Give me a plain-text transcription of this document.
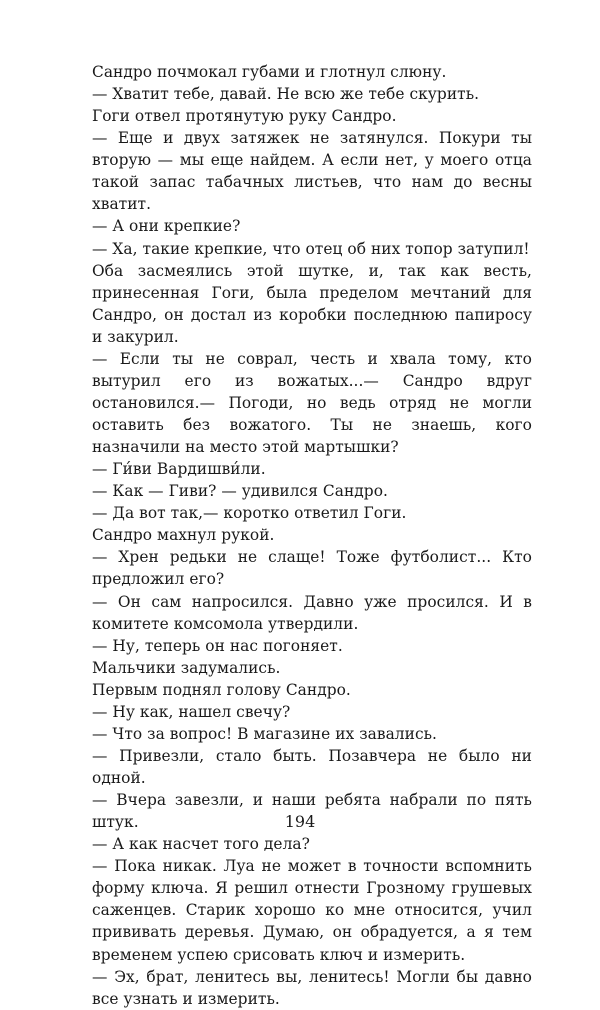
Сандро почмокал губами и глотнул слюну.

— Хватит тебе, давай. Не всю же тебе скурить.

Гоги отвел протянутую руку Сандро.

— Еще и двух затяжек не затянулся. Покури ты вторую — мы еще найдем. А если нет, у моего отца такой запас табачных листьев, что нам до весны хватит.

— А они крепкие?

— Ха, такие крепкие, что отец об них топор затупил!

Оба засмеялись этой шутке, и, так как весть, принесенная Гоги, была пределом мечтаний для Сандро, он достал из коробки последнюю папиросу и закурил.

— Если ты не соврал, честь и хвала тому, кто вытурил его из вожатых...— Сандро вдруг остановился.— Погоди, но ведь отряд не могли оставить без вожатого. Ты не знаешь, кого назначили на место этой мартышки?

— Ги́ви Вардишви́ли.

— Как — Гиви? — удивился Сандро.

— Да вот так,— коротко ответил Гоги.

Сандро махнул рукой.

— Хрен редьки не слаще! Тоже футболист... Кто предложил его?

— Он сам напросился. Давно уже просился. И в комитете комсомола утвердили.

— Ну, теперь он нас погоняет.

Мальчики задумались.

Первым поднял голову Сандро.

— Ну как, нашел свечу?

— Что за вопрос! В магазине их завались.

— Привезли, стало быть. Позавчера не было ни одной.

— Вчера завезли, и наши ребята набрали по пять штук.

— А как насчет того дела?

— Пока никак. Луа не может в точности вспомнить форму ключа. Я решил отнести Грозному грушевых саженцев. Старик хорошо ко мне относится, учил прививать деревья. Думаю, он обрадуется, а я тем временем успею срисовать ключ и измерить.

— Эх, брат, ленитесь вы, ленитесь! Могли бы давно все узнать и измерить.

194
